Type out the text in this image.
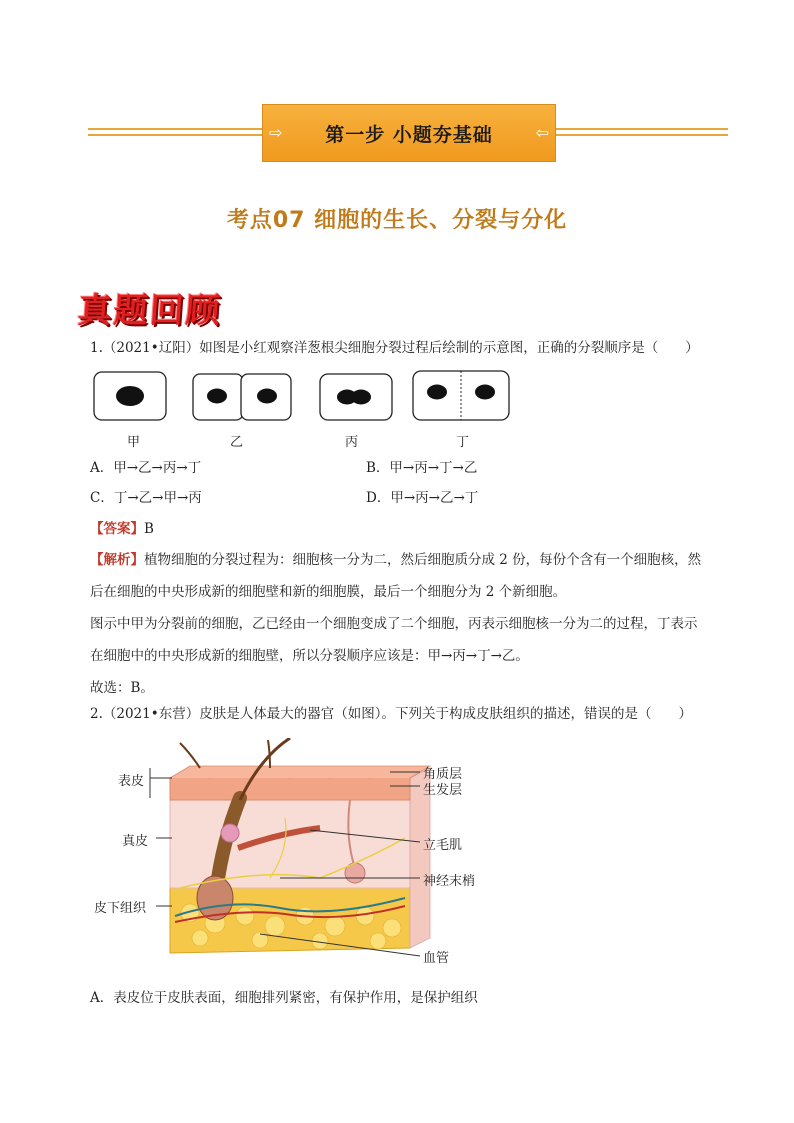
⇨ 第一步 小题夯基础	⇦
考点07 细胞的生长、分裂与分化
真题回顾
1.（2021•辽阳）如图是小红观察洋葱根尖细胞分裂过程后绘制的示意图，正确的分裂顺序是（　　）
甲	乙	丙	丁
A．甲→乙→丙→丁	B．甲→丙→丁→乙
C．丁→乙→甲→丙	D．甲→丙→乙→丁
【答案】B
【解析】植物细胞的分裂过程为：细胞核一分为二，然后细胞质分成 2 份，每份个含有一个细胞核，然
后在细胞的中央形成新的细胞壁和新的细胞膜，最后一个细胞分为 2 个新细胞。
图示中甲为分裂前的细胞，乙已经由一个细胞变成了二个细胞，丙表示细胞核一分为二的过程，丁表示
在细胞中的中央形成新的细胞壁，所以分裂顺序应该是：甲→丙→丁→乙。
故选：B。
2.（2021•东营）皮肤是人体最大的器官（如图）。下列关于构成皮肤组织的描述，错误的是（　　）
表皮
真皮
皮下组织
角质层
生发层
立毛肌
神经末梢
血管
A．表皮位于皮肤表面，细胞排列紧密，有保护作用，是保护组织
